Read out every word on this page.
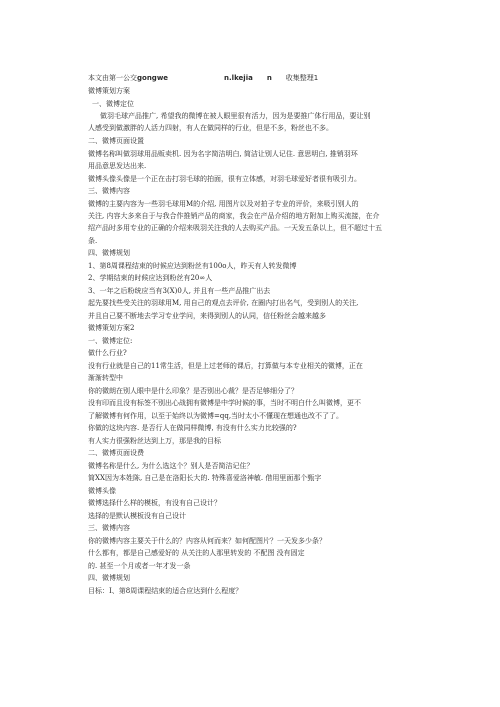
本文由第一公交gongwe	n.lkejia n 收集整理1
微博策划方案
一、微博定位
做羽毛球产品推广, 希望我的微博在被人眼里很有活力，因为是要推广体行用品，要让别
人感受到做激胖的人活力四射，有人在做同样的行业，但是不多，粉丝也不多。
二、微博页面设置
微博名称叫做羽球用品贩卖机. 因为名字简洁明白, 简洁让别人记住. 意思明白, 推销羽环
用品意思发达出来.
微博头像头像是一个正在击打羽毛球的拍面，很有立体感，对羽毛球爱好者很有吸引力。
三、微博内容
微博的主要内容为一些羽毛球用M的介绍, 用图片以及对拍子专业的评价，来吸引别人的
关注, 内容大多来自于与我合作推销产品的商家，我会在产品介绍的地方附加上购买流接，在介
绍产品时多用专业的正确的介绍来吸羽关注我的人去购买产品。一天发五条以上，但不超过十五
条.
四、微博规划
1、第8周课程结束的时候应达到粉丝有100o人，昨天有人转发微博
2、学期结束的时候应达到粉丝有20∞人
3、一年之后粉统应当有3(X)0人, 并且有一些产品推广出去
起先要找些受关注的羽球用M, 用自己的观点去评价, 在圈内打出名气，受到别人的关注,
并且自己要不断地去学习专业学问，来得到别人的认同，信任粉丝会越来越多
微博策划方案2
一、微博定位:
做什么行业?
没有行业就是自己的11常生活，但是上过老师的课后，打算做与本专业相关的微博，正在
渐渐转型中
你的微朗在别人眼中是什么印象？是否别出心裁？是否足够细分了？
没有印而且没有标签不别出心战拥有微博是中学时候的事，当时不明白什么叫微博，更不
了解微博有何作用，以至于始终以为微博=qq,当时太小不懂现在想通也改不了了。
你做的这块内容. 是否行人在做同样微博, 有没有什么实力比较强的?
有人实力很强粉丝达到上万，那是我的目标
二、微博页面设费
微博名称是什么, 为什么选这个？别人是否简洁记住？
简XX因为本姓陈, 自己是在洛阳长大的. 特殊喜爱洛神敏. 借用里面那个甄字
微博头像
微博选择什么样的模板，有没有自己设计？
选择的是默认模板没有自己设计
三、微博内容
你的微博内容主要关于什么的？内容从何而来？如何配图片？一天发多少条？
什么都有，都是自己感爱好的 从关注的人那里转发的 不配图 没有固定
的. 甚至一个月或者一年才发一条
四、微博规划
目标：I、第8周课程结束的适合应达到什么程度？
